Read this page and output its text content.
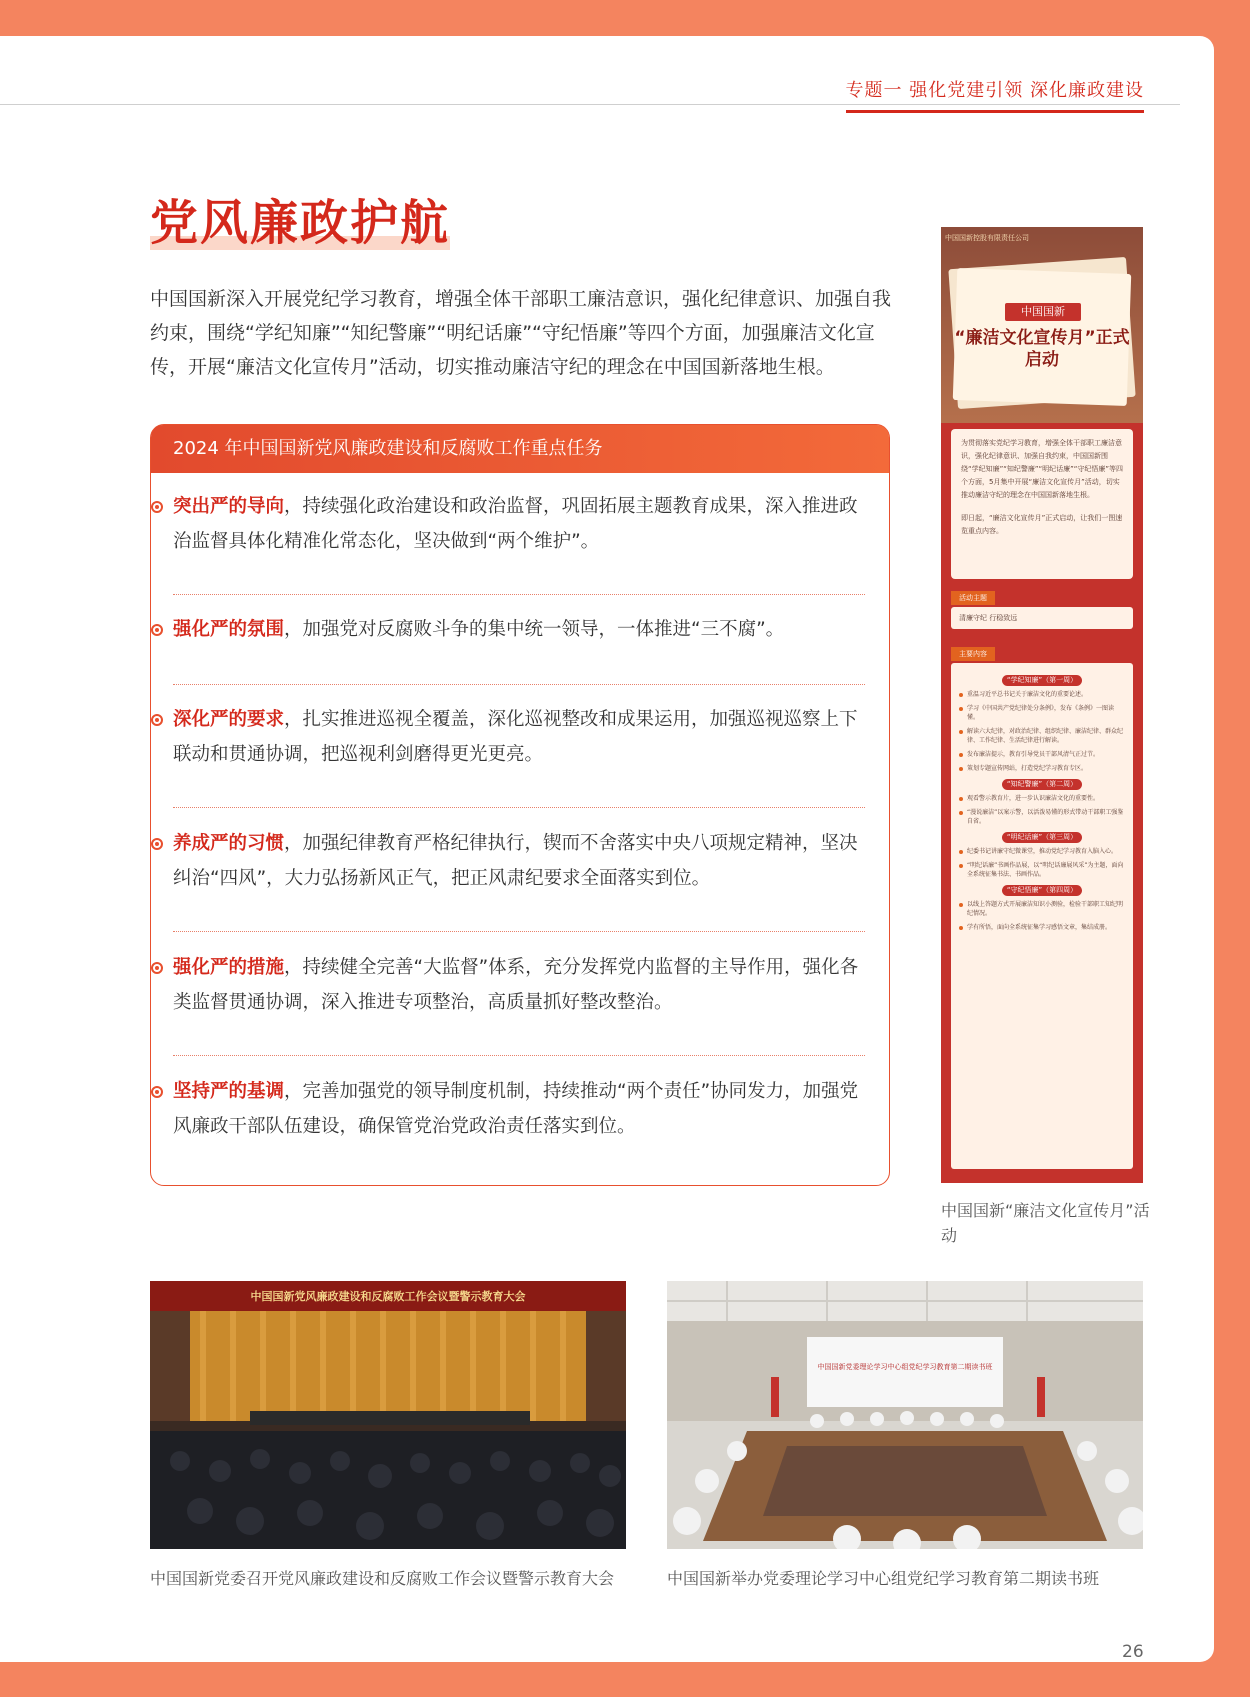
专题一 强化党建引领 深化廉政建设
党风廉政护航

中国国新深入开展党纪学习教育，增强全体干部职工廉洁意识，强化纪律意识、加强自我约束，围绕“学纪知廉”“知纪警廉”“明纪话廉”“守纪悟廉”等四个方面，加强廉洁文化宣传，开展“廉洁文化宣传月”活动，切实推动廉洁守纪的理念在中国国新落地生根。

2024 年中国国新党风廉政建设和反腐败工作重点任务
突出严的导向，持续强化政治建设和政治监督，巩固拓展主题教育成果，深入推进政治监督具体化精准化常态化，坚决做到“两个维护”。
强化严的氛围，加强党对反腐败斗争的集中统一领导，一体推进“三不腐”。
深化严的要求，扎实推进巡视全覆盖，深化巡视整改和成果运用，加强巡视巡察上下联动和贯通协调，把巡视利剑磨得更光更亮。
养成严的习惯，加强纪律教育严格纪律执行，锲而不舍落实中央八项规定精神，坚决纠治“四风”，大力弘扬新风正气，把正风肃纪要求全面落实到位。
强化严的措施，持续健全完善“大监督”体系，充分发挥党内监督的主导作用，强化各类监督贯通协调，深入推进专项整治，高质量抓好整改整治。
坚持严的基调，完善加强党的领导制度机制，持续推动“两个责任”协同发力，加强党风廉政干部队伍建设，确保管党治党政治责任落实到位。
中国国新控股有限责任公司
中国国新
“廉洁文化宣传月”正式启动
为贯彻落实党纪学习教育，增强全体干部职工廉洁意识，强化纪律意识、加强自我约束，中国国新围绕“学纪知廉”“知纪警廉”“明纪话廉”“守纪悟廉”等四个方面，5月集中开展“廉洁文化宣传月”活动，切实推动廉洁守纪的理念在中国国新落地生根。
即日起，“廉洁文化宣传月”正式启动，让我们一图速览重点内容。
活动主题
清廉守纪 行稳致远
主要内容
“学纪知廉”（第一周）
重温习近平总书记关于廉洁文化的重要论述。
学习《中国共产党纪律处分条例》，发布《条例》一图读懂。
解读六大纪律，对政治纪律、组织纪律、廉洁纪律、群众纪律、工作纪律、生活纪律进行解读。
发布廉洁提示，教育引导党员干部风清气正过节。
策划专题宣传网站，打造党纪学习教育专区。
“知纪警廉”（第二周）
观看警示教育片，进一步认识廉洁文化的重要性。
“漫说廉洁”以案示警，以活泼易懂的形式带动干部职工强鉴自省。
“明纪话廉”（第三周）
纪委书记讲廉守纪微课堂，推动党纪学习教育入脑入心。
“明纪话廉”书画作品展，以“明纪话廉展风采”为主题，面向全系统征集书法、书画作品。
“守纪悟廉”（第四周）
以线上答题方式开展廉洁知识小测验，检验干部职工知纪明纪情况。
学有所悟，面向全系统征集学习感悟文章，集结成册。
中国国新“廉洁文化宣传月”活动
中国国新党风廉政建设和反腐败工作会议暨警示教育大会
中国国新党委召开党风廉政建设和反腐败工作会议暨警示教育大会
中国国新党委理论学习中心组党纪学习教育第二期读书班
中国国新举办党委理论学习中心组党纪学习教育第二期读书班
26
